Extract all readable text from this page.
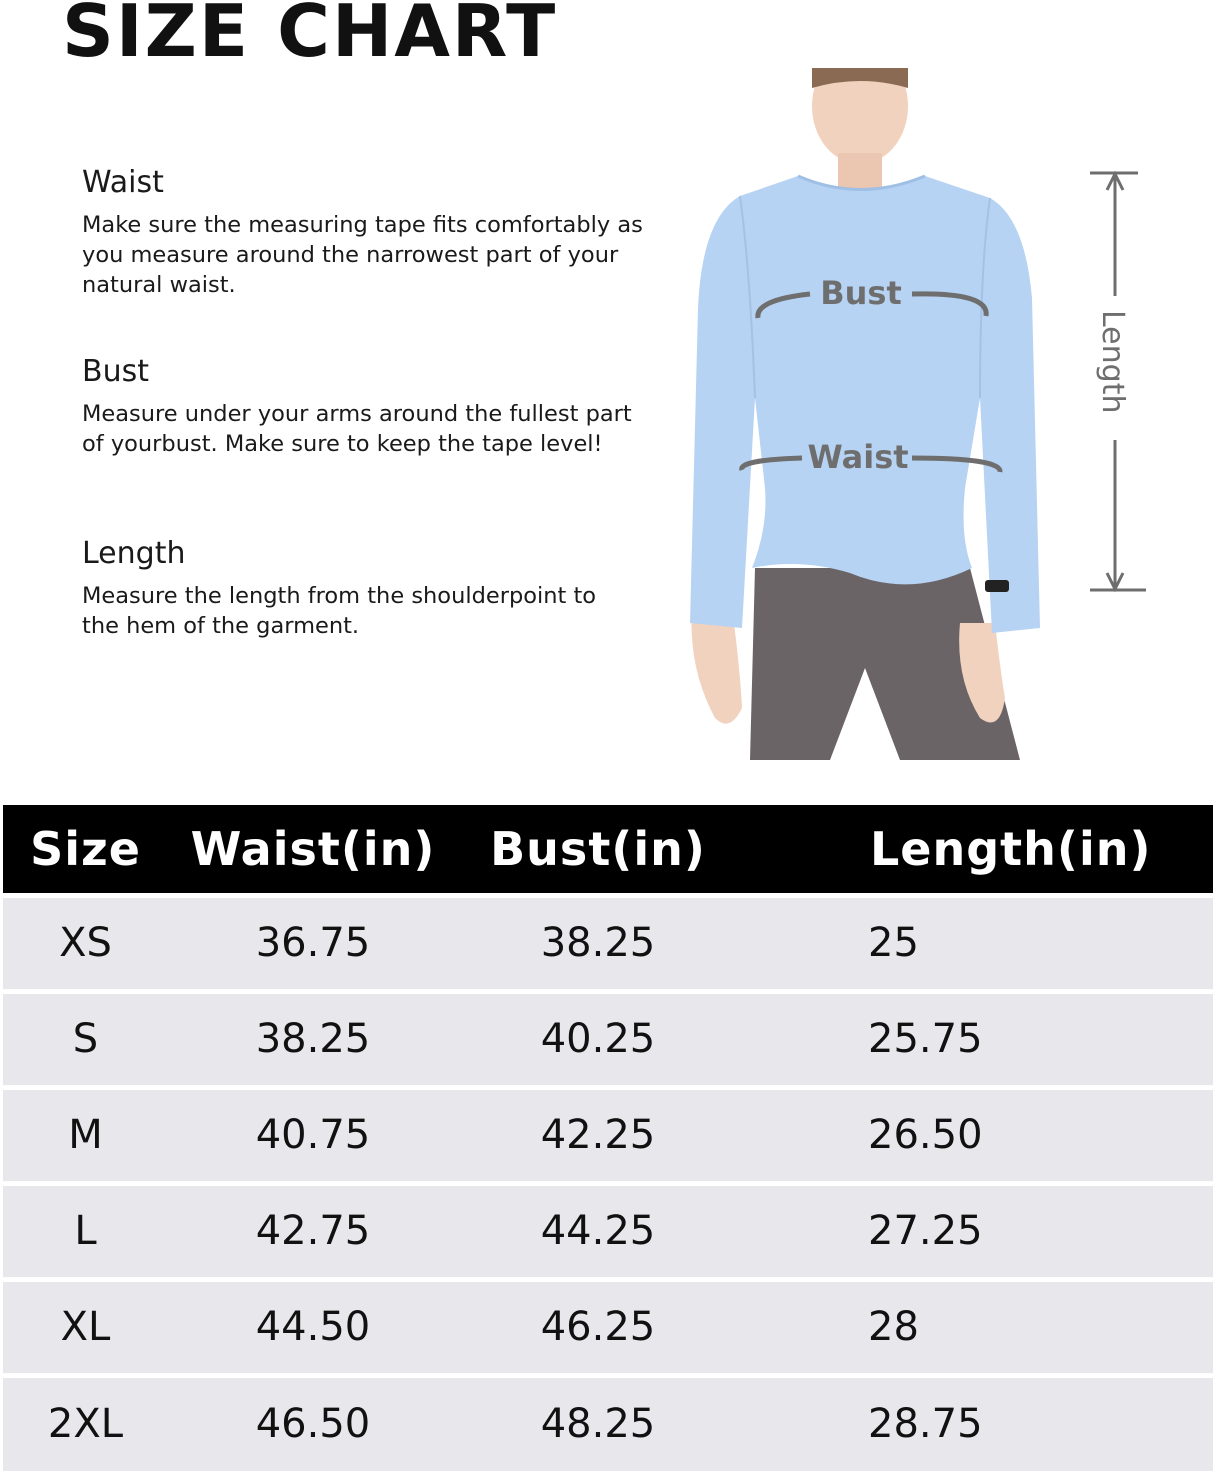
SIZE CHART
Waist

Make sure the measuring tape fits comfortably as you measure around the narrowest part of your natural waist.

Bust

Measure under your arms around the fullest part of yourbust. Make sure to keep the tape level!

Length

Measure the length from the shoulderpoint to the hem of the garment.

Bust
Waist
Length
Size	Waist(in)	Bust(in)	Length(in)
XS	36.75	38.25	25
S	38.25	40.25	25.75
M	40.75	42.25	26.50
L	42.75	44.25	27.25
XL	44.50	46.25	28
2XL	46.50	48.25	28.75
